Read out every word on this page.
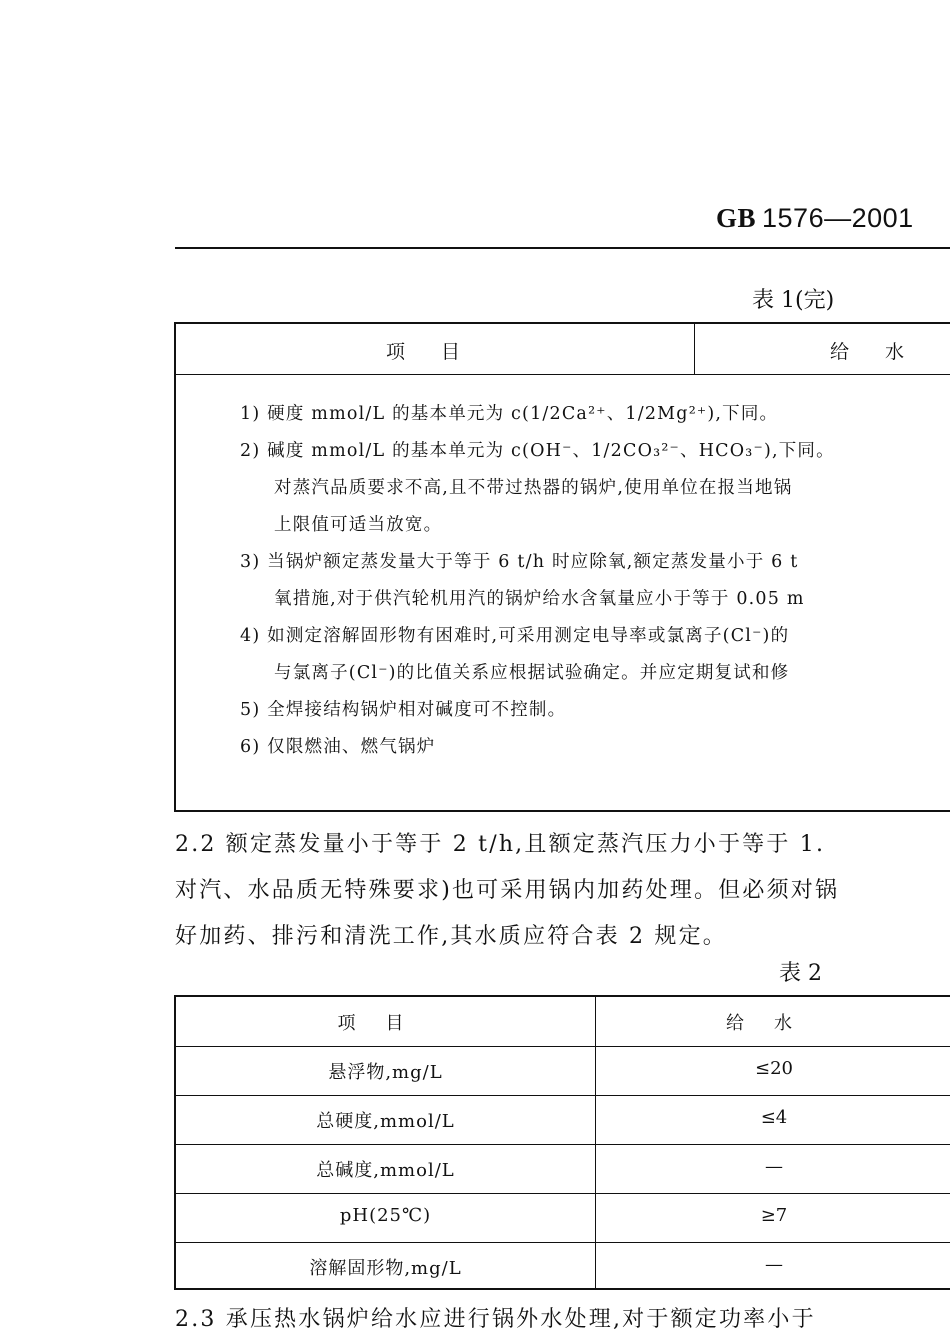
GB 1576—2001
表 1(完)
项目	给水
1) 硬度 mmol/L 的基本单元为 c(1/2Ca²⁺、1/2Mg²⁺),下同。
2) 碱度 mmol/L 的基本单元为 c(OH⁻、1/2CO₃²⁻、HCO₃⁻),下同。
对蒸汽品质要求不高,且不带过热器的锅炉,使用单位在报当地锅
上限值可适当放宽。
3) 当锅炉额定蒸发量大于等于 6 t/h 时应除氧,额定蒸发量小于 6 t
氧措施,对于供汽轮机用汽的锅炉给水含氧量应小于等于 0.05 m
4) 如测定溶解固形物有困难时,可采用测定电导率或氯离子(Cl⁻)的
与氯离子(Cl⁻)的比值关系应根据试验确定。并应定期复试和修
5) 全焊接结构锅炉相对碱度可不控制。
6) 仅限燃油、燃气锅炉
2.2 额定蒸发量小于等于 2 t/h,且额定蒸汽压力小于等于 1.
对汽、水品质无特殊要求)也可采用锅内加药处理。但必须对锅
好加药、排污和清洗工作,其水质应符合表 2 规定。
表 2
项目	给水
悬浮物,mg/L	≤20
总硬度,mmol/L	≤4
总碱度,mmol/L	—
pH(25℃)	≥7
溶解固形物,mg/L	—
2.3 承压热水锅炉给水应进行锅外水处理,对于额定功率小于
